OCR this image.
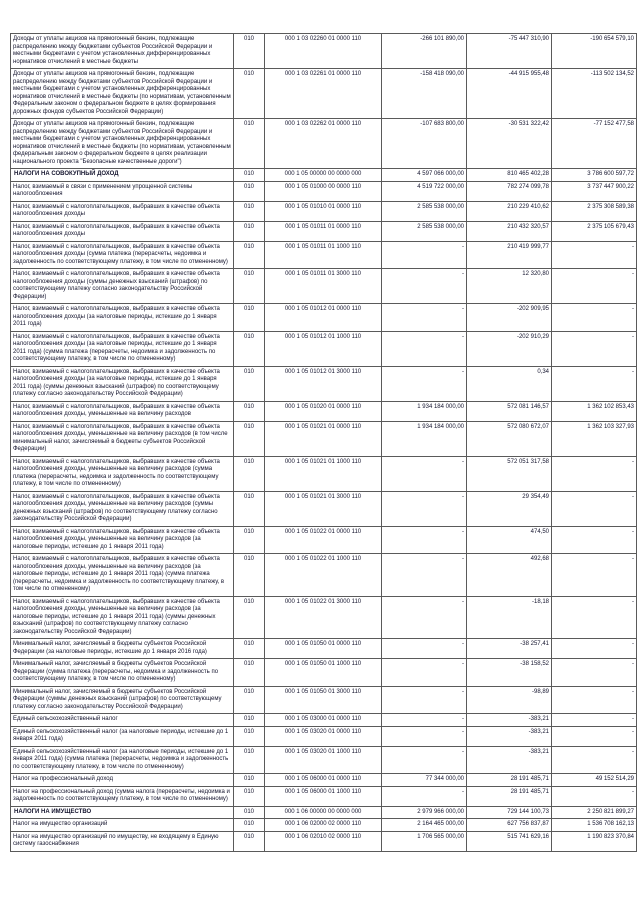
Доходы от уплаты акцизов на прямогонный бензин, подлежащие распределению между бюджетами субъектов Российской Федерации и местными бюджетами с учетом установленных дифференцированных нормативов отчислений в местные бюджеты	010	000 1 03 02260 01 0000 110	-266 101 890,00	-75 447 310,90	-190 654 579,10
Доходы от уплаты акцизов на прямогонный бензин, подлежащие распределению между бюджетами субъектов Российской Федерации и местными бюджетами с учетом установленных дифференцированных нормативов отчислений в местные бюджеты (по нормативам, установленным Федеральным законом о федеральном бюджете в целях формирования дорожных фондов субъектов Российской Федерации)	010	000 1 03 02261 01 0000 110	-158 418 090,00	-44 915 955,48	-113 502 134,52
Доходы от уплаты акцизов на прямогонный бензин, подлежащие распределению между бюджетами субъектов Российской Федерации и местными бюджетами с учетом установленных дифференцированных нормативов отчислений в местные бюджеты (по нормативам, установленным федеральным законом о федеральном бюджете в целях реализации национального проекта "Безопасные качественные дороги")	010	000 1 03 02262 01 0000 110	-107 683 800,00	-30 531 322,42	-77 152 477,58
НАЛОГИ НА СОВОКУПНЫЙ ДОХОД	010	000 1 05 00000 00 0000 000	4 597 066 000,00	810 465 402,28	3 786 600 597,72
Налог, взимаемый в связи с применением упрощенной системы налогообложения	010	000 1 05 01000 00 0000 110	4 519 722 000,00	782 274 099,78	3 737 447 900,22
Налог, взимаемый с налогоплательщиков, выбравших в качестве объекта налогообложения доходы	010	000 1 05 01010 01 0000 110	2 585 538 000,00	210 229 410,62	2 375 308 589,38
Налог, взимаемый с налогоплательщиков, выбравших в качестве объекта налогообложения доходы	010	000 1 05 01011 01 0000 110	2 585 538 000,00	210 432 320,57	2 375 105 679,43
Налог, взимаемый с налогоплательщиков, выбравших в качестве объекта налогообложения доходы (сумма платежа (перерасчеты, недоимка и задолженность по соответствующему платежу, в том числе по отмененному)	010	000 1 05 01011 01 1000 110	-	210 419 999,77	-
Налог, взимаемый с налогоплательщиков, выбравших в качестве объекта налогообложения доходы (суммы денежных взысканий (штрафов) по соответствующему платежу согласно законодательству Российской Федерации)	010	000 1 05 01011 01 3000 110	-	12 320,80	-
Налог, взимаемый с налогоплательщиков, выбравших в качестве объекта налогообложения доходы (за налоговые периоды, истекшие до 1 января 2011 года)	010	000 1 05 01012 01 0000 110	-	-202 909,95	-
Налог, взимаемый с налогоплательщиков, выбравших в качестве объекта налогообложения доходы (за налоговые периоды, истекшие до 1 января 2011 года) (сумма платежа (перерасчеты, недоимка и задолженность по соответствующему платежу, в том числе по отмененному)	010	000 1 05 01012 01 1000 110	-	-202 910,29	-
Налог, взимаемый с налогоплательщиков, выбравших в качестве объекта налогообложения доходы (за налоговые периоды, истекшие до 1 января 2011 года) (суммы денежных взысканий (штрафов) по соответствующему платежу согласно законодательству Российской Федерации)	010	000 1 05 01012 01 3000 110	-	0,34	-
Налог, взимаемый с налогоплательщиков, выбравших в качестве объекта налогообложения доходы, уменьшенные на величину расходов	010	000 1 05 01020 01 0000 110	1 934 184 000,00	572 081 146,57	1 362 102 853,43
Налог, взимаемый с налогоплательщиков, выбравших в качестве объекта налогообложения доходы, уменьшенные на величину расходов (в том числе минимальный налог, зачисляемый в бюджеты субъектов Российской Федерации)	010	000 1 05 01021 01 0000 110	1 934 184 000,00	572 080 672,07	1 362 103 327,93
Налог, взимаемый с налогоплательщиков, выбравших в качестве объекта налогообложения доходы, уменьшенные на величину расходов (сумма платежа (перерасчеты, недоимка и задолженность по соответствующему платежу, в том числе по отмененному)	010	000 1 05 01021 01 1000 110	-	572 051 317,58	-
Налог, взимаемый с налогоплательщиков, выбравших в качестве объекта налогообложения доходы, уменьшенные на величину расходов (суммы денежных взысканий (штрафов) по соответствующему платежу согласно законодательству Российской Федерации)	010	000 1 05 01021 01 3000 110	-	29 354,49	-
Налог, взимаемый с налогоплательщиков, выбравших в качестве объекта налогообложения доходы, уменьшенные на величину расходов (за налоговые периоды, истекшие до 1 января 2011 года)	010	000 1 05 01022 01 0000 110	-	474,50	-
Налог, взимаемый с налогоплательщиков, выбравших в качестве объекта налогообложения доходы, уменьшенные на величину расходов (за налоговые периоды, истекшие до 1 января 2011 года) (сумма платежа (перерасчеты, недоимка и задолженность по соответствующему платежу, в том числе по отмененному)	010	000 1 05 01022 01 1000 110	-	492,68	-
Налог, взимаемый с налогоплательщиков, выбравших в качестве объекта налогообложения доходы, уменьшенные на величину расходов (за налоговые периоды, истекшие до 1 января 2011 года) (суммы денежных взысканий (штрафов) по соответствующему платежу согласно законодательству Российской Федерации)	010	000 1 05 01022 01 3000 110	-	-18,18	-
Минимальный налог, зачисляемый в бюджеты субъектов Российской Федерации (за налоговые периоды, истекшие до 1 января 2016 года)	010	000 1 05 01050 01 0000 110	-	-38 257,41	-
Минимальный налог, зачисляемый в бюджеты субъектов Российской Федерации (сумма платежа (перерасчеты, недоимка и задолженность по соответствующему платежу, в том числе по отмененному)	010	000 1 05 01050 01 1000 110	-	-38 158,52	-
Минимальный налог, зачисляемый в бюджеты субъектов Российской Федерации (суммы денежных взысканий (штрафов) по соответствующему платежу согласно законодательству Российской Федерации)	010	000 1 05 01050 01 3000 110	-	-98,89	-
Единый сельскохозяйственный налог	010	000 1 05 03000 01 0000 110	-	-383,21	-
Единый сельскохозяйственный налог (за налоговые периоды, истекшие до 1 января 2011 года)	010	000 1 05 03020 01 0000 110	-	-383,21	-
Единый сельскохозяйственный налог (за налоговые периоды, истекшие до 1 января 2011 года) (сумма платежа (перерасчеты, недоимка и задолженность по соответствующему платежу, в том числе по отмененному)	010	000 1 05 03020 01 1000 110	-	-383,21	-
Налог на профессиональный доход	010	000 1 05 06000 01 0000 110	77 344 000,00	28 191 485,71	49 152 514,29
Налог на профессиональный доход (сумма налога (перерасчеты, недоимка и задолженность по соответствующему платежу, в том числе по отмененному)	010	000 1 05 06000 01 1000 110	-	28 191 485,71	-
НАЛОГИ НА ИМУЩЕСТВО	010	000 1 06 00000 00 0000 000	2 979 966 000,00	729 144 100,73	2 250 821 899,27
Налог на имущество организаций	010	000 1 06 02000 02 0000 110	2 164 465 000,00	627 756 837,87	1 536 708 162,13
Налог на имущество организаций по имуществу, не входящему в Единую систему газоснабжения	010	000 1 06 02010 02 0000 110	1 706 565 000,00	515 741 629,16	1 190 823 370,84
